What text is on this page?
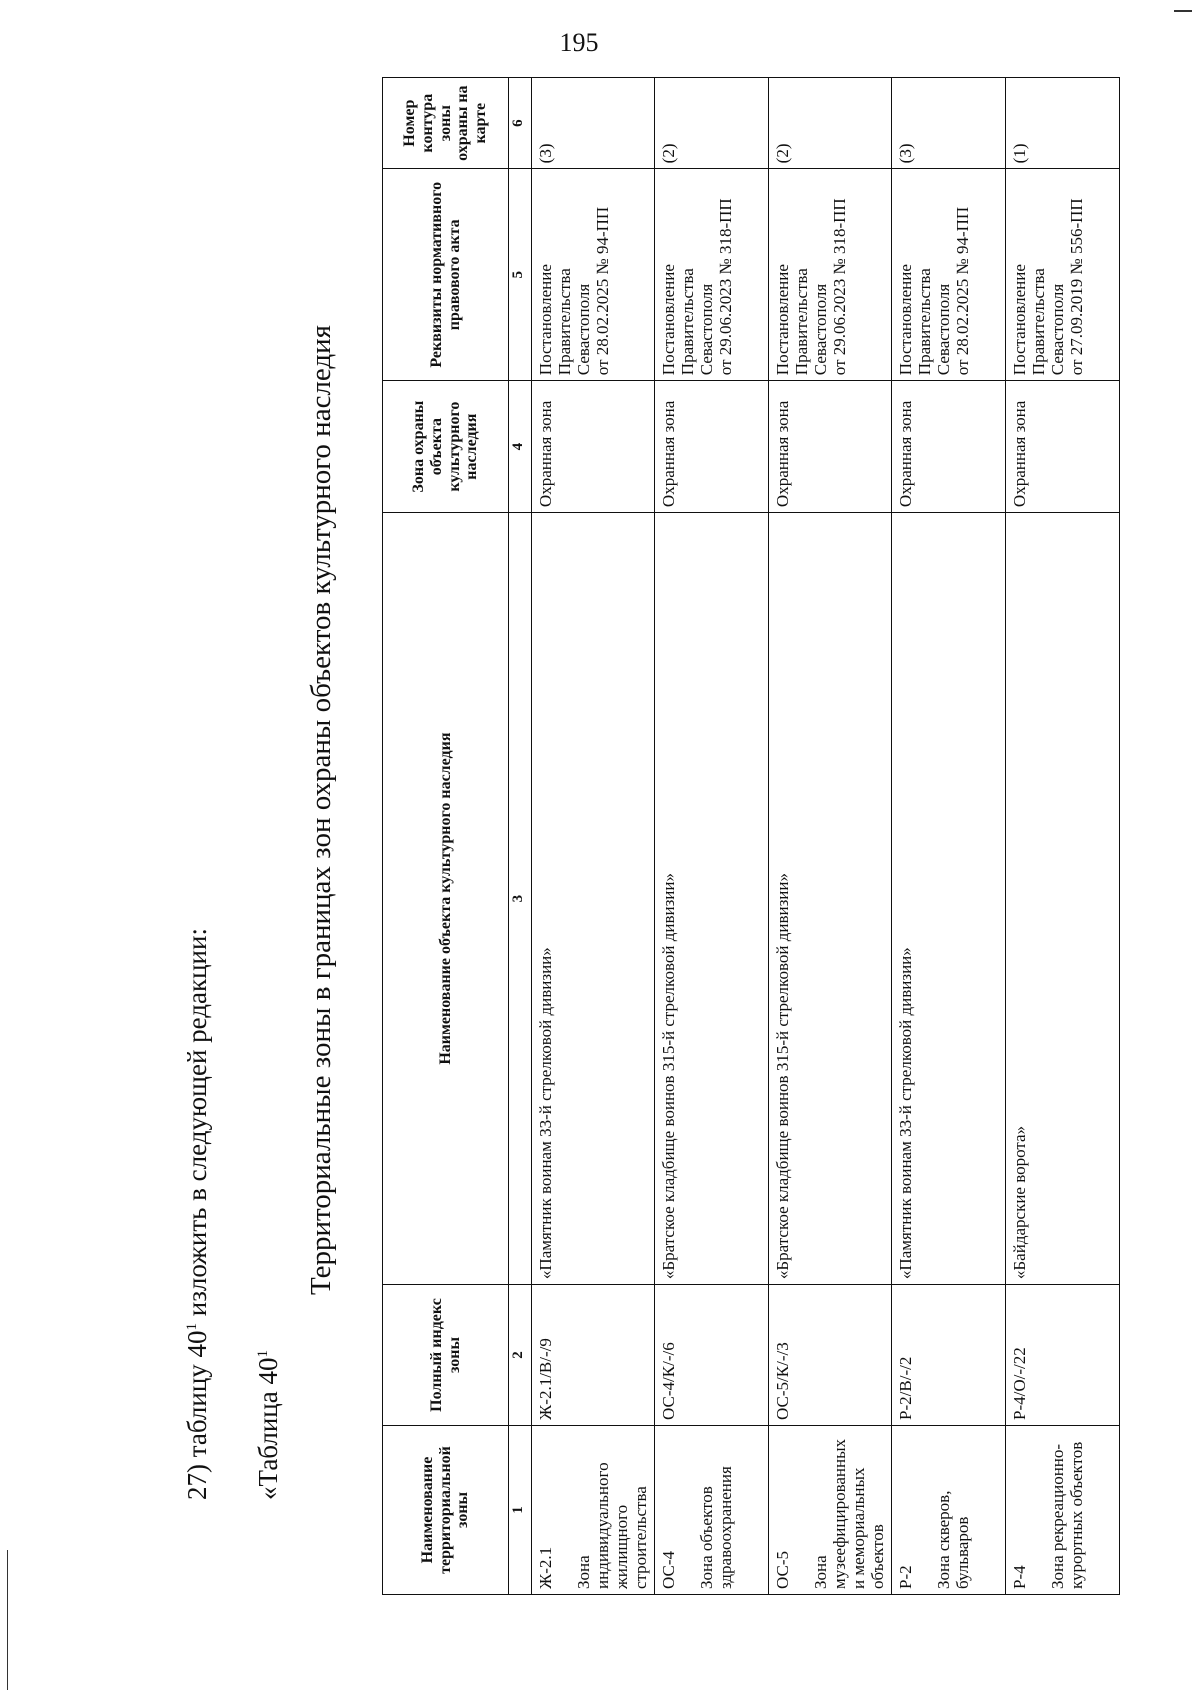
195
27) таблицу $40^1$ изложить в следующей редакции:
«Таблица $40^1$
Территориальные зоны в границах зон охраны объектов культурного наследия
Наименование территориальной зоны	Полный индекс зоны	Наименование объекта культурного наследия	Зона охраны объекта культурного наследия	Реквизиты нормативного правового акта	Номер контура зоны охраны на карте
1	2	3	4	5	6

Ж-2.1 Зона индивидуального жилищного строительства	Ж-2.1/В/-/9	«Памятник воинам 33-й стрелковой дивизии»	Охранная зона	Постановление Правительства Севастополя от 28.02.2025 № 94-ПП	(3)

ОС-4 Зона объектов здравоохранения	ОС-4/К/-/6	«Братское кладбище воинов 315-й стрелковой дивизии»	Охранная зона	Постановление Правительства Севастополя от 29.06.2023 № 318-ПП	(2)

ОС-5 Зона музеефицированных и мемориальных объектов	ОС-5/К/-/3	«Братское кладбище воинов 315-й стрелковой дивизии»	Охранная зона	Постановление Правительства Севастополя от 29.06.2023 № 318-ПП	(2)

Р-2 Зона скверов, бульваров	Р-2/В/-/2	«Памятник воинам 33-й стрелковой дивизии»	Охранная зона	Постановление Правительства Севастополя от 28.02.2025 № 94-ПП	(3)

Р-4 Зона рекреационно-курортных объектов	Р-4/О/-/22	«Байдарские ворота»	Охранная зона	Постановление Правительства Севастополя от 27.09.2019 № 556-ПП	(1)
